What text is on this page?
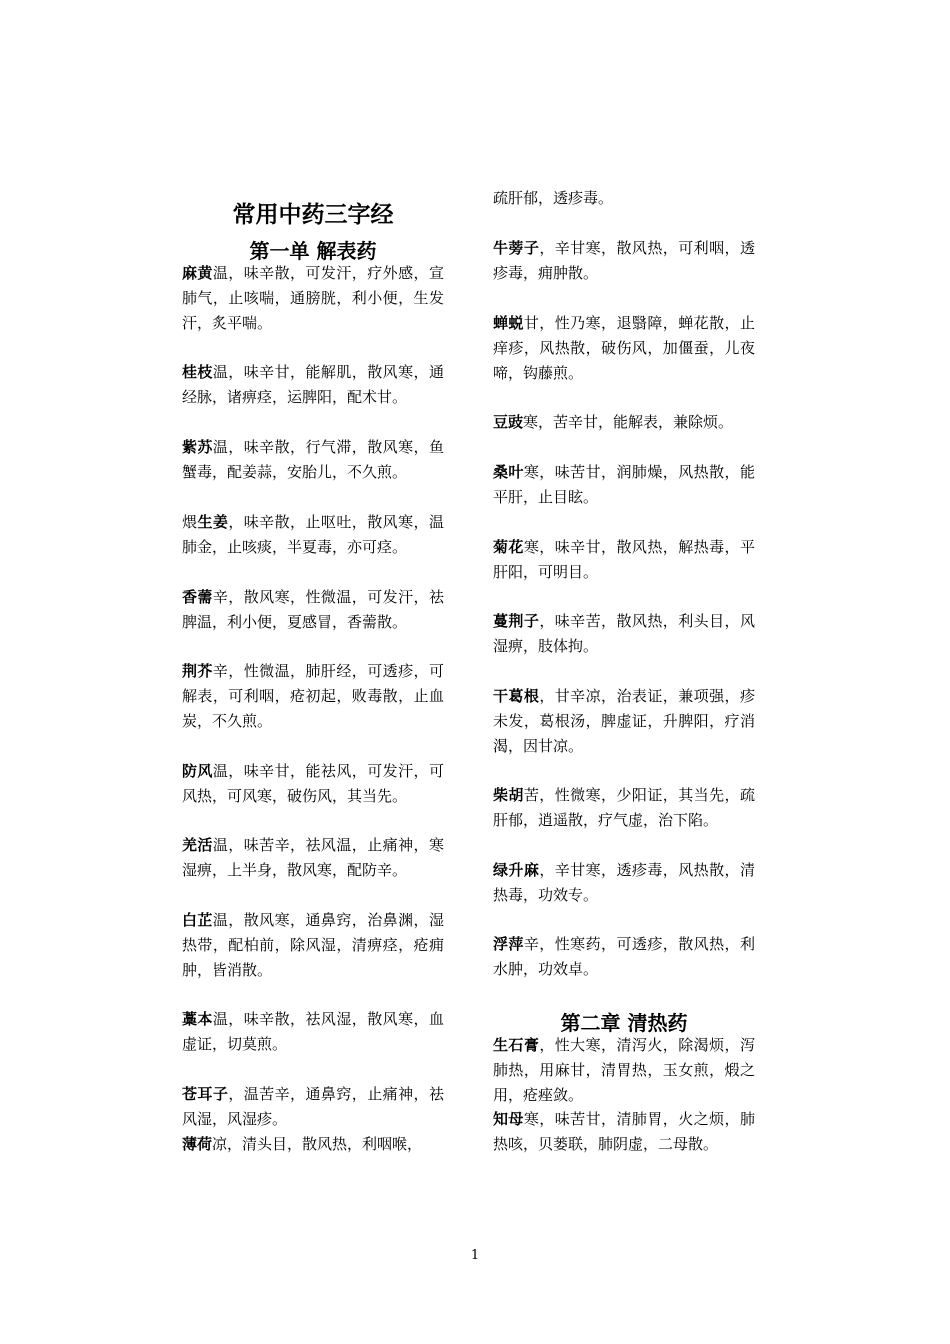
常用中药三字经
第一单 解表药
麻黄温，味辛散，可发汗，疗外感，宣肺气，止咳喘，通膀胱，利小便，生发汗，炙平喘。
桂枝温，味辛甘，能解肌，散风寒，通经脉，诸痹痉，运脾阳，配术甘。
紫苏温，味辛散，行气滞，散风寒，鱼蟹毒，配姜蒜，安胎儿，不久煎。
煨生姜，味辛散，止呕吐，散风寒，温肺金，止咳痰，半夏毒，亦可痉。
香薷辛，散风寒，性微温，可发汗，祛脾温，利小便，夏感冒，香薷散。
荆芥辛，性微温，肺肝经，可透疹，可解表，可利咽，疮初起，败毒散，止血炭，不久煎。
防风温，味辛甘，能祛风，可发汗，可风热，可风寒，破伤风，其当先。
羌活温，味苦辛，祛风温，止痛神，寒湿痹，上半身，散风寒，配防辛。
白芷温，散风寒，通鼻窍，治鼻渊，湿热带，配柏前，除风湿，清痹痉，疮痈肿，皆消散。
藁本温，味辛散，祛风湿，散风寒，血虚证，切莫煎。
苍耳子，温苦辛，通鼻窍，止痛神，祛风湿，风湿疹。
薄荷凉，清头目，散风热，利咽喉，
疏肝郁，透疹毒。
牛蒡子，辛甘寒，散风热，可利咽，透疹毒，痈肿散。
蝉蜕甘，性乃寒，退翳障，蝉花散，止痒疹，风热散，破伤风，加僵蚕，儿夜啼，钩藤煎。
豆豉寒，苦辛甘，能解表，兼除烦。
桑叶寒，味苦甘，润肺燥，风热散，能平肝，止目眩。
菊花寒，味辛甘，散风热，解热毒，平肝阳，可明目。
蔓荆子，味辛苦，散风热，利头目，风湿痹，肢体拘。
干葛根，甘辛凉，治表证，兼项强，疹未发，葛根汤，脾虚证，升脾阳，疗消渴，因甘凉。
柴胡苦，性微寒，少阳证，其当先，疏肝郁，逍遥散，疗气虚，治下陷。
绿升麻，辛甘寒，透疹毒，风热散，清热毒，功效专。
浮萍辛，性寒药，可透疹，散风热，利水肿，功效卓。
第二章 清热药
生石膏，性大寒，清泻火，除渴烦，泻肺热，用麻甘，清胃热，玉女煎，煅之用，疮痤敛。
知母寒，味苦甘，清肺胃，火之烦，肺热咳，贝蒌联，肺阴虚，二母散。
1
